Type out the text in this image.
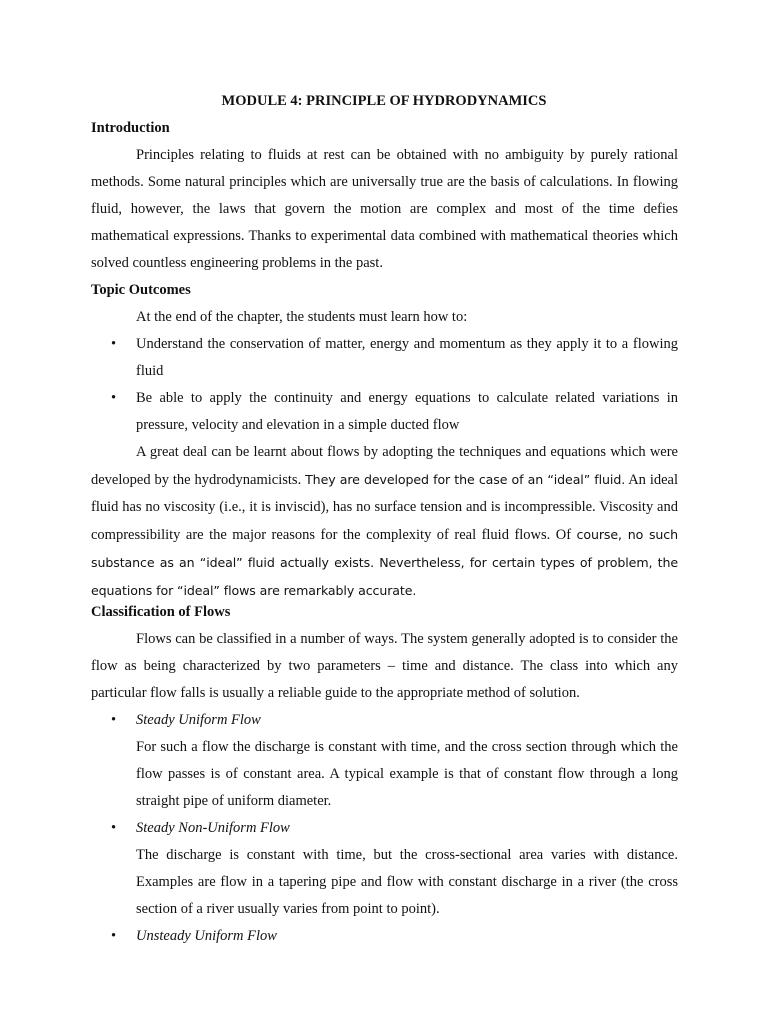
MODULE 4: PRINCIPLE OF HYDRODYNAMICS
Introduction
Principles relating to fluids at rest can be obtained with no ambiguity by purely rational methods. Some natural principles which are universally true are the basis of calculations. In flowing fluid, however, the laws that govern the motion are complex and most of the time defies mathematical expressions. Thanks to experimental data combined with mathematical theories which solved countless engineering problems in the past.
Topic Outcomes
At the end of the chapter, the students must learn how to:
• Understand the conservation of matter, energy and momentum as they apply it to a flowing fluid
• Be able to apply the continuity and energy equations to calculate related variations in pressure, velocity and elevation in a simple ducted flow
A great deal can be learnt about flows by adopting the techniques and equations which were developed by the hydrodynamicists. They are developed for the case of an “ideal” fluid. An ideal fluid has no viscosity (i.e., it is inviscid), has no surface tension and is incompressible. Viscosity and compressibility are the major reasons for the complexity of real fluid flows. Of course, no such substance as an “ideal” fluid actually exists. Nevertheless, for certain types of problem, the equations for “ideal” flows are remarkably accurate.
Classification of Flows
Flows can be classified in a number of ways. The system generally adopted is to consider the flow as being characterized by two parameters – time and distance. The class into which any particular flow falls is usually a reliable guide to the appropriate method of solution.
• Steady Uniform Flow
For such a flow the discharge is constant with time, and the cross section through which the flow passes is of constant area. A typical example is that of constant flow through a long straight pipe of uniform diameter.
• Steady Non-Uniform Flow
The discharge is constant with time, but the cross-sectional area varies with distance. Examples are flow in a tapering pipe and flow with constant discharge in a river (the cross section of a river usually varies from point to point).
• Unsteady Uniform Flow
